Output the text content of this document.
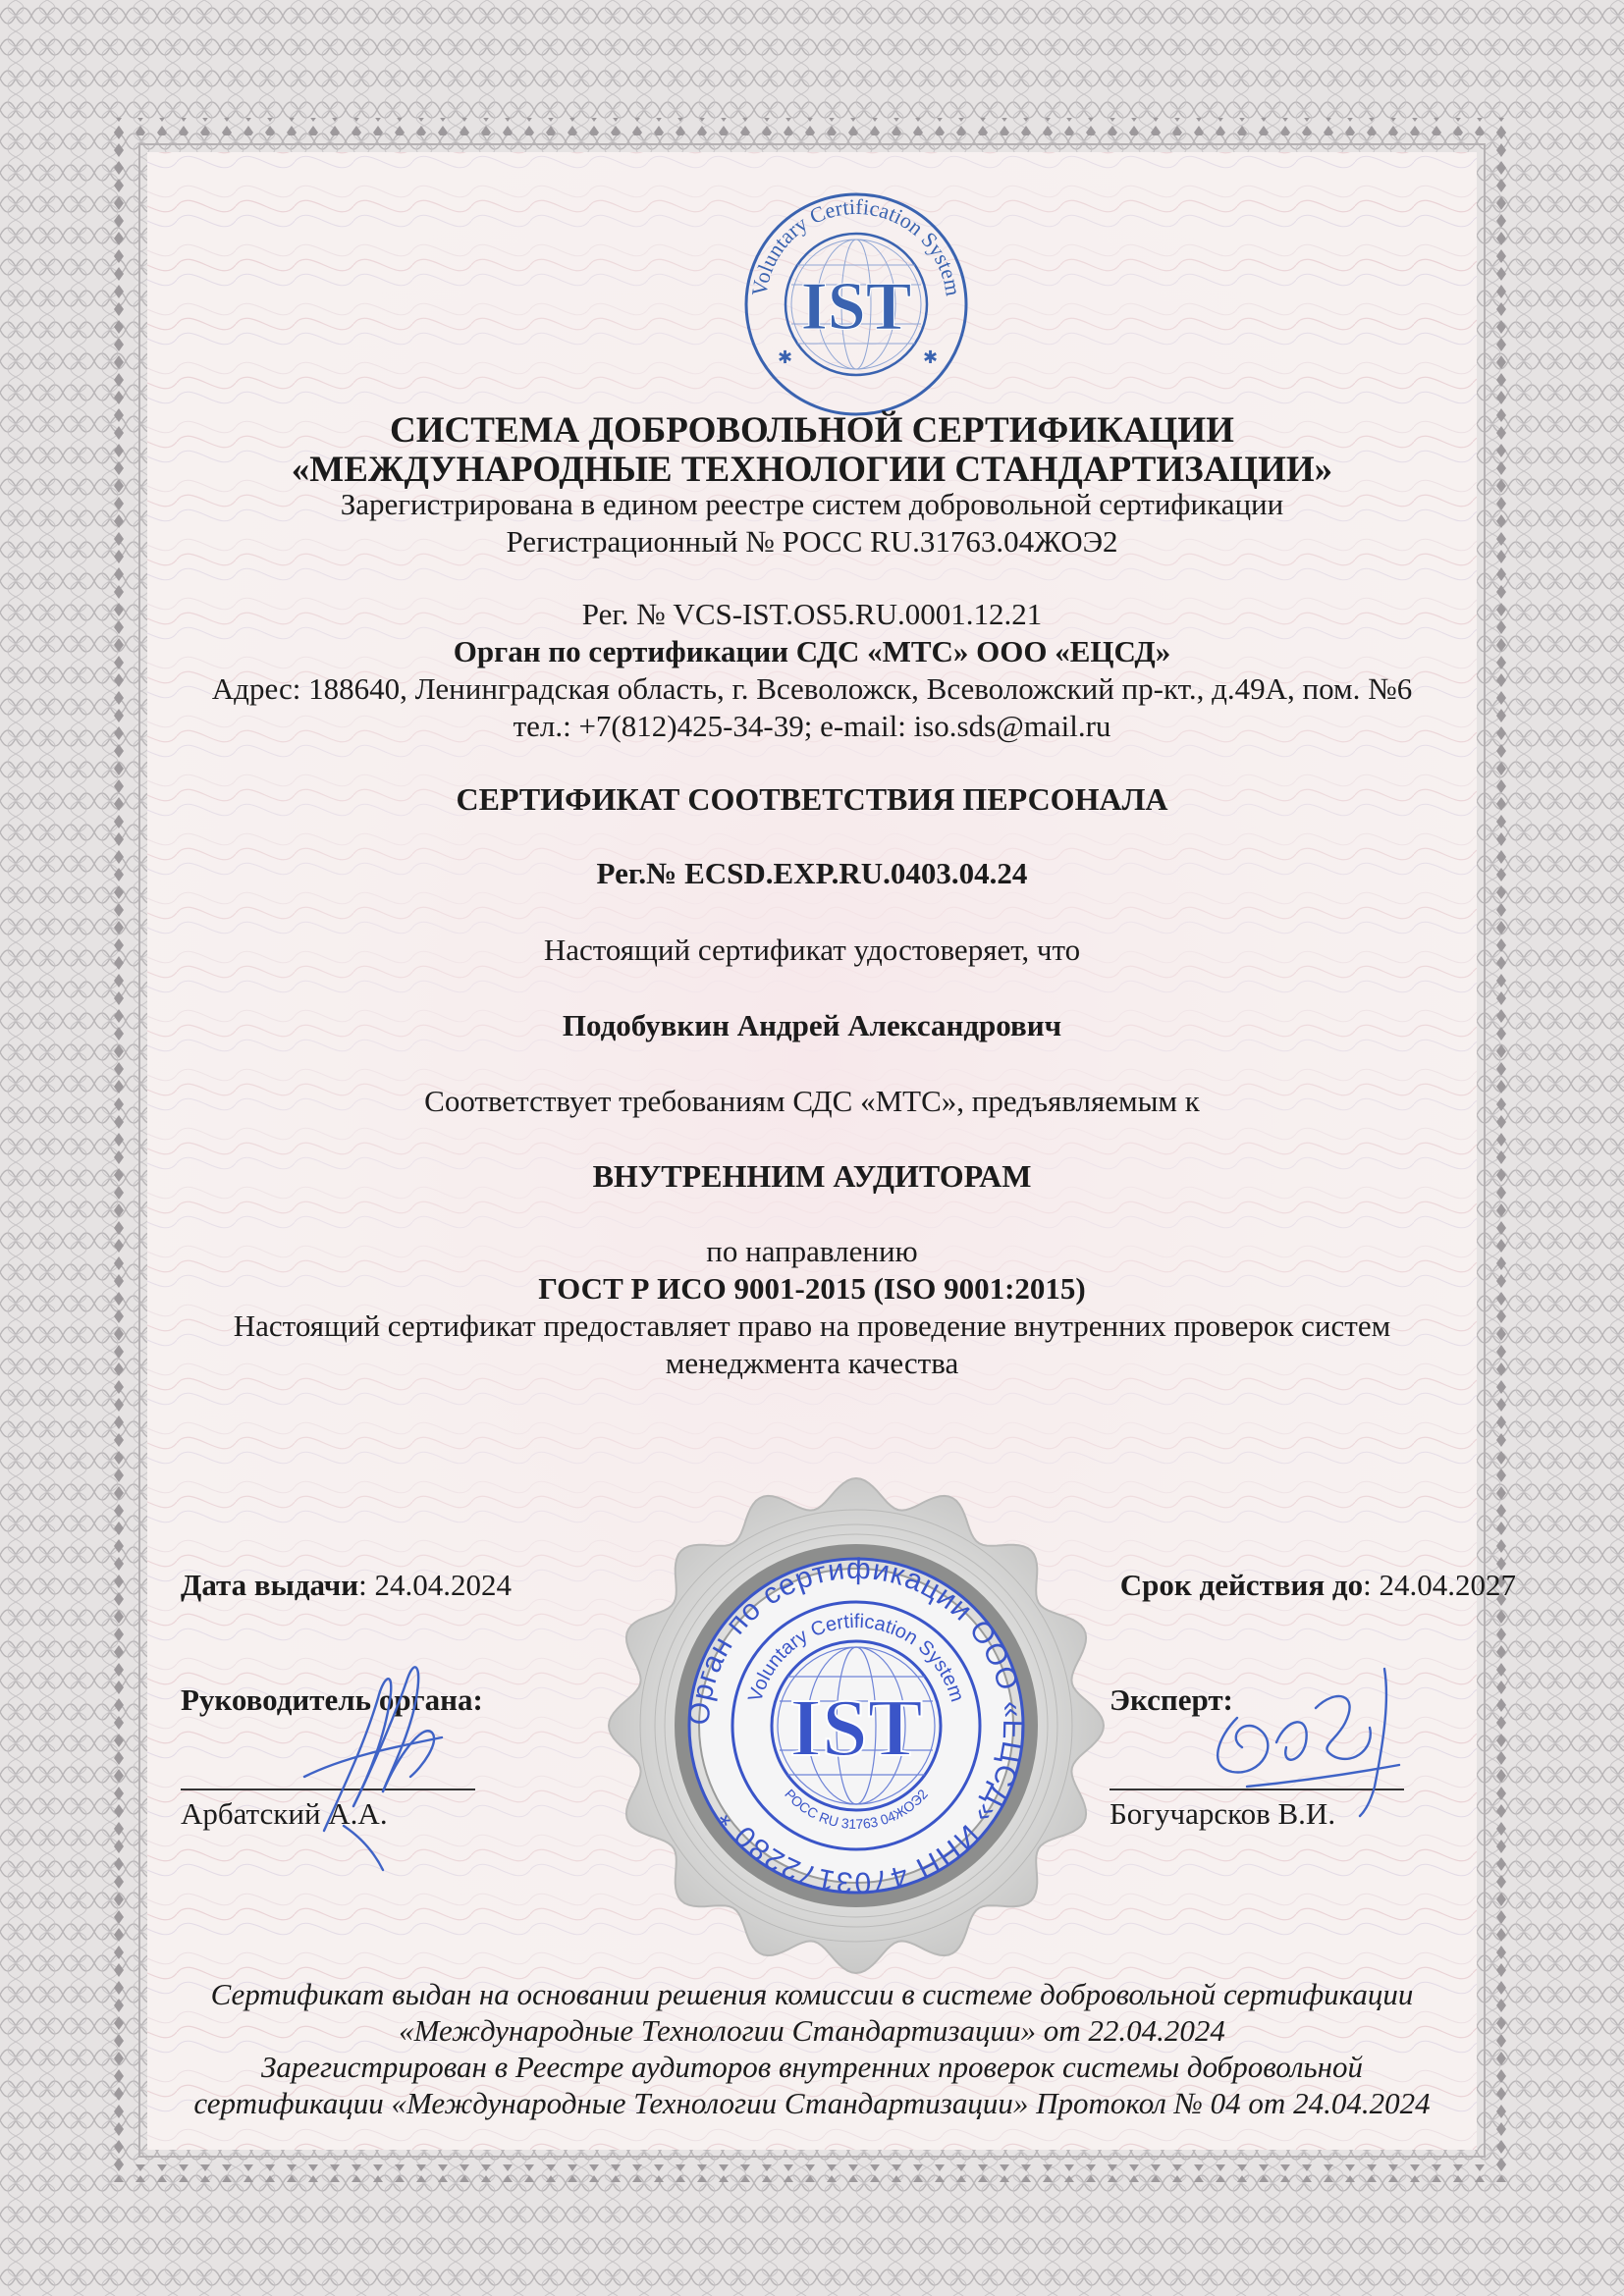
Voluntary Certification System
IST
✱	✱
СИСТЕМА ДОБРОВОЛЬНОЙ СЕРТИФИКАЦИИ
«МЕЖДУНАРОДНЫЕ ТЕХНОЛОГИИ СТАНДАРТИЗАЦИИ»
Зарегистрирована в едином реестре систем добровольной сертификации
Регистрационный № РОСС RU.31763.04ЖОЭ2
Рег. № VCS-IST.OS5.RU.0001.12.21
Орган по сертификации СДС «МТС» ООО «ЕЦСД»
Адрес: 188640, Ленинградская область, г. Всеволожск, Всеволожский пр-кт., д.49А, пом. №6
тел.: +7(812)425-34-39; e-mail: iso.sds@mail.ru
СЕРТИФИКАТ СООТВЕТСТВИЯ ПЕРСОНАЛА
Рег.№ ECSD.EXP.RU.0403.04.24
Настоящий сертификат удостоверяет, что
Подобувкин Андрей Александрович
Соответствует требованиям СДС «МТС», предъявляемым к
ВНУТРЕННИМ АУДИТОРАМ
по направлению
ГОСТ Р ИСО 9001-2015 (ISO 9001:2015)
Настоящий сертификат предоставляет право на проведение внутренних проверок систем
менеджмента качества
Орган по сертификации ООО «ЕЦСД» ИНН 4703172280 *
Voluntary Certification System
РОСС RU 31763 04ЖОЭ2
IST
Дата выдачи: 24.04.2024	Срок действия до: 24.04.2027
Руководитель органа:
Арбатский А.А.
Эксперт:
Богучарсков В.И.
Сертификат выдан на основании решения комиссии в системе добровольной сертификации
«Международные Технологии Стандартизации» от 22.04.2024
Зарегистрирован в Реестре аудиторов внутренних проверок системы добровольной
сертификации «Международные Технологии Стандартизации» Протокол № 04 от 24.04.2024
